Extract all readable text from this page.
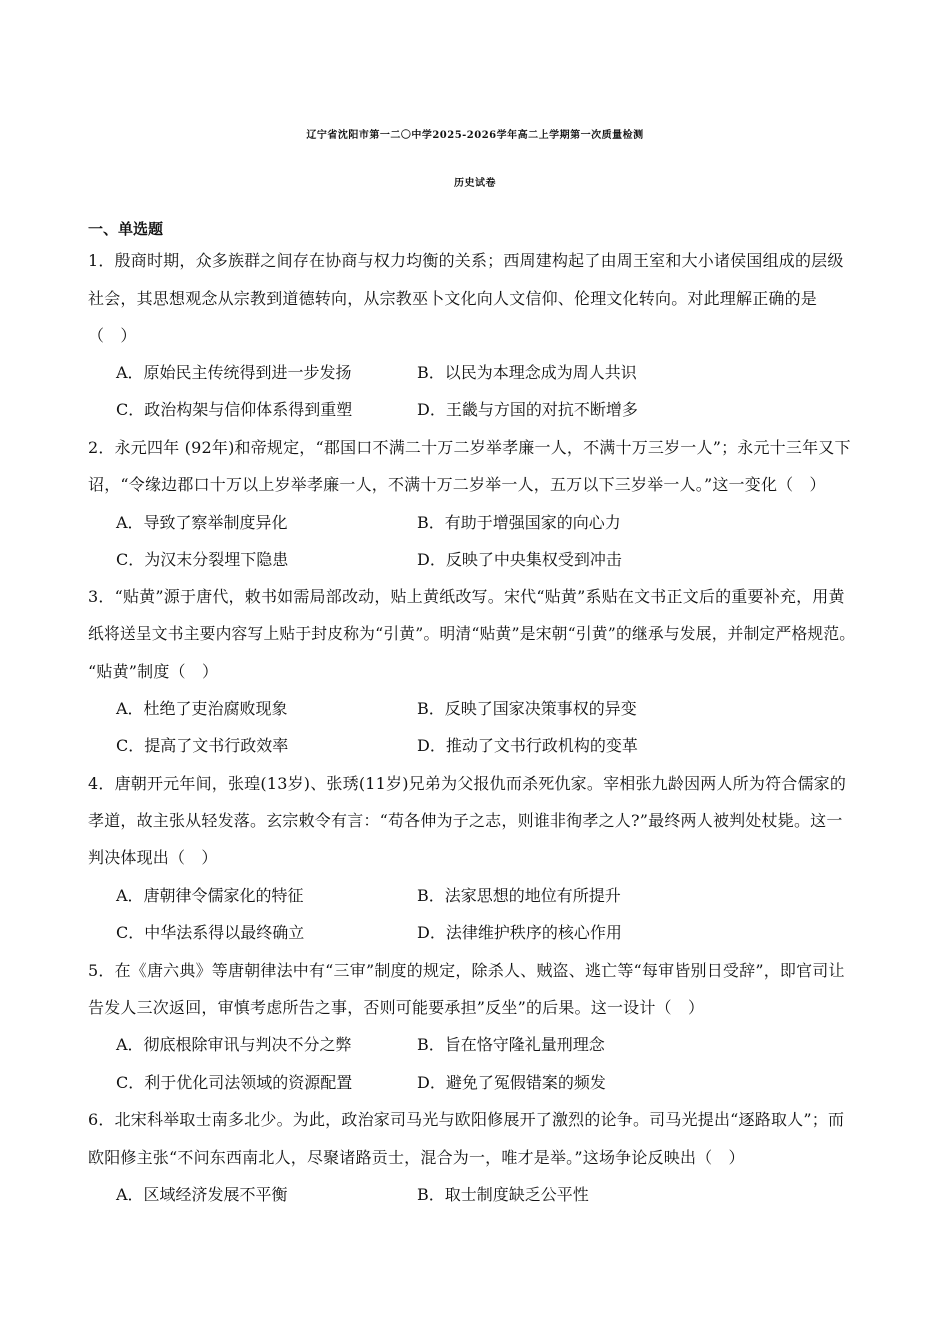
辽宁省沈阳市第一二〇中学2025-2026学年高二上学期第一次质量检测
历史试卷
一、单选题
1．殷商时期，众多族群之间存在协商与权力均衡的关系；西周建构起了由周王室和大小诸侯国组成的层级
社会，其思想观念从宗教到道德转向，从宗教巫卜文化向人文信仰、伦理文化转向。对此理解正确的是
（　）
A．原始民主传统得到进一步发扬	B．以民为本理念成为周人共识
C．政治构架与信仰体系得到重塑	D．王畿与方国的对抗不断增多
2．永元四年 (92年)和帝规定，“郡国口不满二十万二岁举孝廉一人，不满十万三岁一人”；永元十三年又下
诏，“令缘边郡口十万以上岁举孝廉一人，不满十万二岁举一人，五万以下三岁举一人。”这一变化（　）
A．导致了察举制度异化	B．有助于增强国家的向心力
C．为汉末分裂埋下隐患	D．反映了中央集权受到冲击
3．“贴黄”源于唐代，敕书如需局部改动，贴上黄纸改写。宋代“贴黄”系贴在文书正文后的重要补充，用黄
纸将送呈文书主要内容写上贴于封皮称为“引黄”。明清“贴黄”是宋朝“引黄”的继承与发展，并制定严格规范。
“贴黄”制度（　）
A．杜绝了吏治腐败现象	B．反映了国家决策事权的异变
C．提高了文书行政效率	D．推动了文书行政机构的变革
4．唐朝开元年间，张瑝(13岁)、张琇(11岁)兄弟为父报仇而杀死仇家。宰相张九龄因两人所为符合儒家的
孝道，故主张从轻发落。玄宗敕令有言：“苟各伸为子之志，则谁非徇孝之人?”最终两人被判处杖毙。这一
判决体现出（　）
A．唐朝律令儒家化的特征	B．法家思想的地位有所提升
C．中华法系得以最终确立	D．法律维护秩序的核心作用
5．在《唐六典》等唐朝律法中有“三审”制度的规定，除杀人、贼盗、逃亡等“每审皆别日受辞”，即官司让
告发人三次返回，审慎考虑所告之事，否则可能要承担”反坐”的后果。这一设计（　）
A．彻底根除审讯与判决不分之弊	B．旨在恪守隆礼量刑理念
C．利于优化司法领域的资源配置	D．避免了冤假错案的频发
6．北宋科举取士南多北少。为此，政治家司马光与欧阳修展开了激烈的论争。司马光提出“逐路取人”；而
欧阳修主张“不问东西南北人，尽聚诸路贡士，混合为一，唯才是举。”这场争论反映出（　）
A．区域经济发展不平衡	B．取士制度缺乏公平性
